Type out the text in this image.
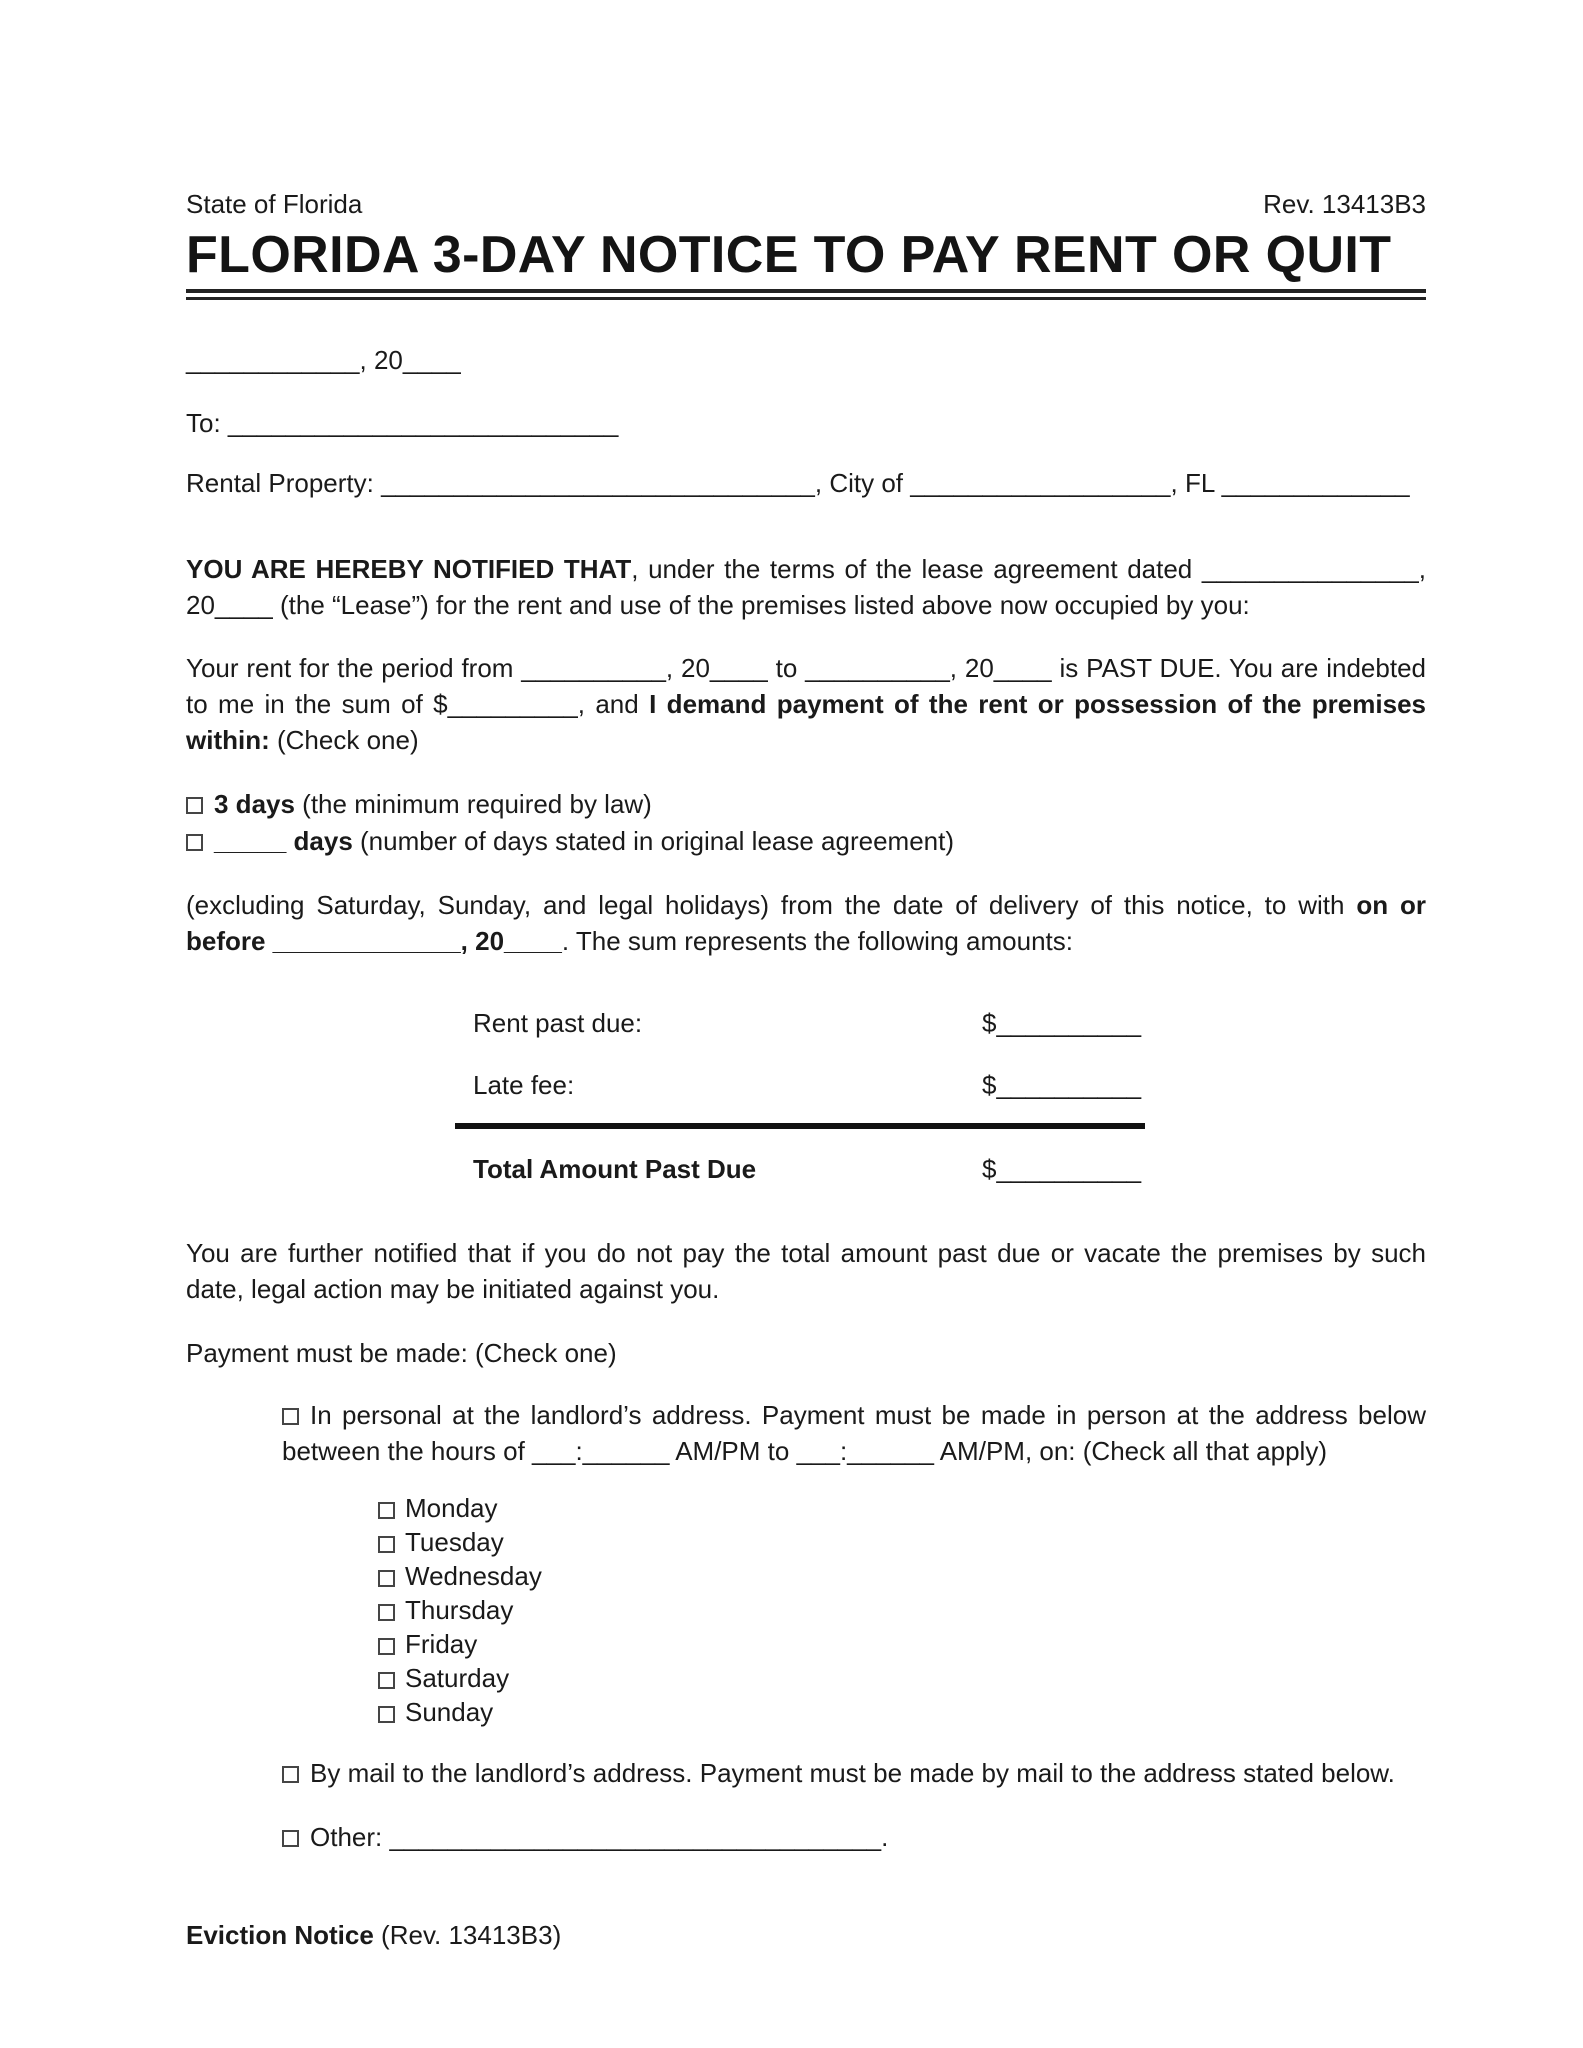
State of Florida	Rev. 13413B3
FLORIDA 3-DAY NOTICE TO PAY RENT OR QUIT
____________, 20____
To: ___________________________
Rental Property: ______________________________, City of __________________, FL _____________

YOU ARE HEREBY NOTIFIED THAT, under the terms of the lease agreement dated _______________, 20____ (the “Lease”) for the rent and use of the premises listed above now occupied by you:

Your rent for the period from __________, 20____ to __________, 20____ is PAST DUE. You are indebted to me in the sum of $_________, and I demand payment of the rent or possession of the premises within: (Check one)

3 days (the minimum required by law)
_____ days (number of days stated in original lease agreement)

(excluding Saturday, Sunday, and legal holidays) from the date of delivery of this notice, to with on or before _____________, 20____. The sum represents the following amounts:

Rent past due:	$__________
Late fee:	$__________
Total Amount Past Due	$__________

You are further notified that if you do not pay the total amount past due or vacate the premises by such date, legal action may be initiated against you.

Payment must be made: (Check one)
In personal at the landlord’s address. Payment must be made in person at the address below between the hours of ___:______ AM/PM to ___:______ AM/PM, on: (Check all that apply)
Monday
Tuesday
Wednesday
Thursday
Friday
Saturday
Sunday
By mail to the landlord’s address. Payment must be made by mail to the address stated below.
Other: __________________________________.

Eviction Notice (Rev. 13413B3)
